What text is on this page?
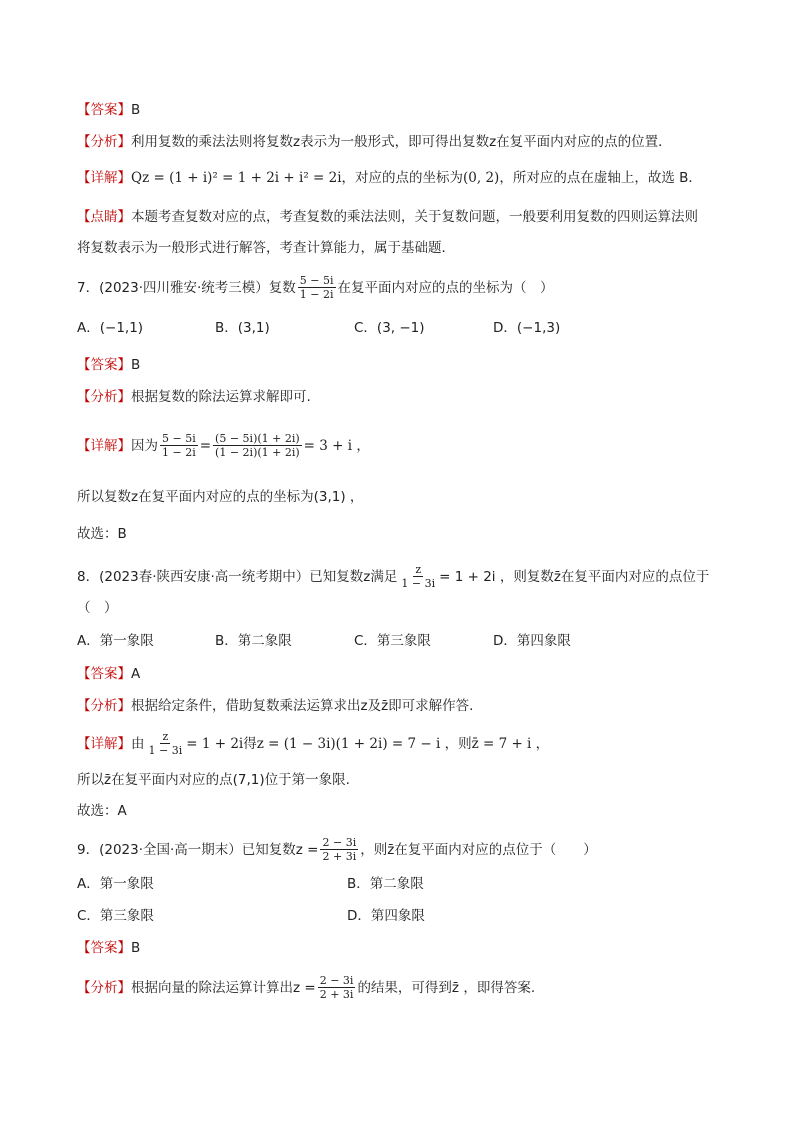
【答案】 B
【分析】 利用复数的乘法法则将复数z表示为一般形式，即可得出复数z在复平面内对应的点的位置．
【详解】 Qz = (1 + i)² = 1 + 2i + i² = 2i ，对应的点的坐标为 (0, 2) ，所对应的点在虚轴上，故选 B．
【点睛】 本题考查复数对应的点，考查复数的乘法法则，关于复数问题，一般要利用复数的四则运算法则
将复数表示为一般形式进行解答，考查计算能力，属于基础题．
7．(2023·四川雅安·统考三模）复数 $\frac{5 - 5i}{1 - 2i}$ 在复平面内对应的点的坐标为（　）
A．(−1,1)	B．(3,1)	C．(3, −1)	D．(−1,3)
【答案】 B
【分析】 根据复数的除法运算求解即可.
【详解】 因为 $\frac{5 - 5i}{1 - 2i} = \frac{(5 - 5i)(1 + 2i)}{(1 - 2i)(1 + 2i)} = 3 + i$ ，
所以复数z在复平面内对应的点的坐标为(3,1) ，
故选：B
8．(2023春·陕西安康·高一统考期中）已知复数z满足 $\frac{z}{1 - 3i} = 1 + 2i$ ，则复数z̄在复平面内对应的点位于
（　）
A．第一象限	B．第二象限	C．第三象限	D．第四象限
【答案】 A
【分析】 根据给定条件，借助复数乘法运算求出z及z̄即可求解作答.
【详解】 由 $\frac{z}{1 - 3i} = 1 + 2i$得z = (1 − 3i)(1 + 2i) = 7 − i ，则z̄ = 7 + i ，
所以z̄在复平面内对应的点(7,1)位于第一象限.
故选：A
9．(2023·全国·高一期末）已知复数$z = \frac{2 - 3i}{2 + 3i}$ ，则z̄在复平面内对应的点位于（　　）
A．第一象限	B．第二象限
C．第三象限	D．第四象限
【答案】 B
【分析】 根据向量的除法运算计算出$z = \frac{2 - 3i}{2 + 3i}$ 的结果，可得到z̄ ，即得答案.
